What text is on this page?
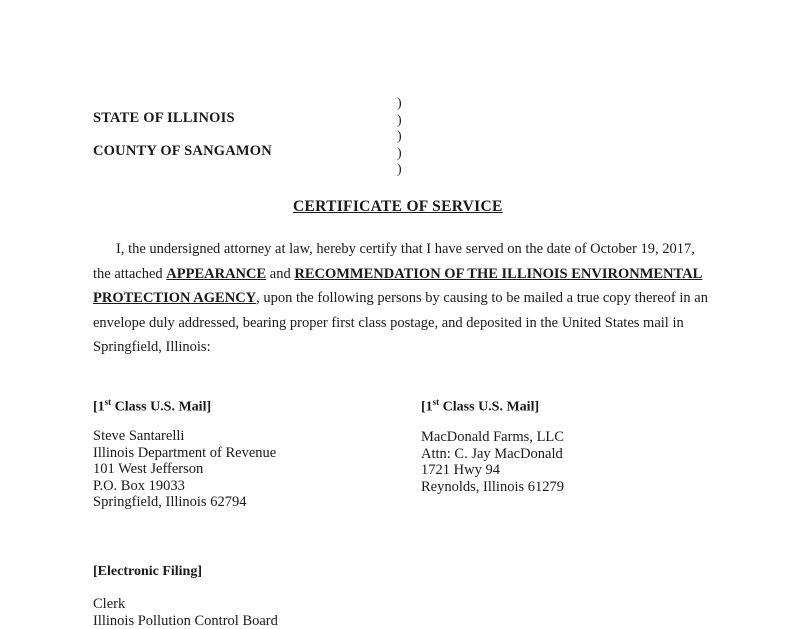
STATE OF ILLINOIS
COUNTY OF SANGAMON
)
)
)
)
)
CERTIFICATE OF SERVICE
I, the undersigned attorney at law, hereby certify that I have served on the date of October 19, 2017,
the attached APPEARANCE and RECOMMENDATION OF THE ILLINOIS ENVIRONMENTAL
PROTECTION AGENCY, upon the following persons by causing to be mailed a true copy thereof in an
envelope duly addressed, bearing proper first class postage, and deposited in the United States mail in
Springfield, Illinois:
[1st Class U.S. Mail]
Steve Santarelli
Illinois Department of Revenue
101 West Jefferson
P.O. Box 19033
Springfield, Illinois 62794
[1st Class U.S. Mail]
MacDonald Farms, LLC
Attn: C. Jay MacDonald
1721 Hwy 94
Reynolds, Illinois 61279
[Electronic Filing]
Clerk
Illinois Pollution Control Board
